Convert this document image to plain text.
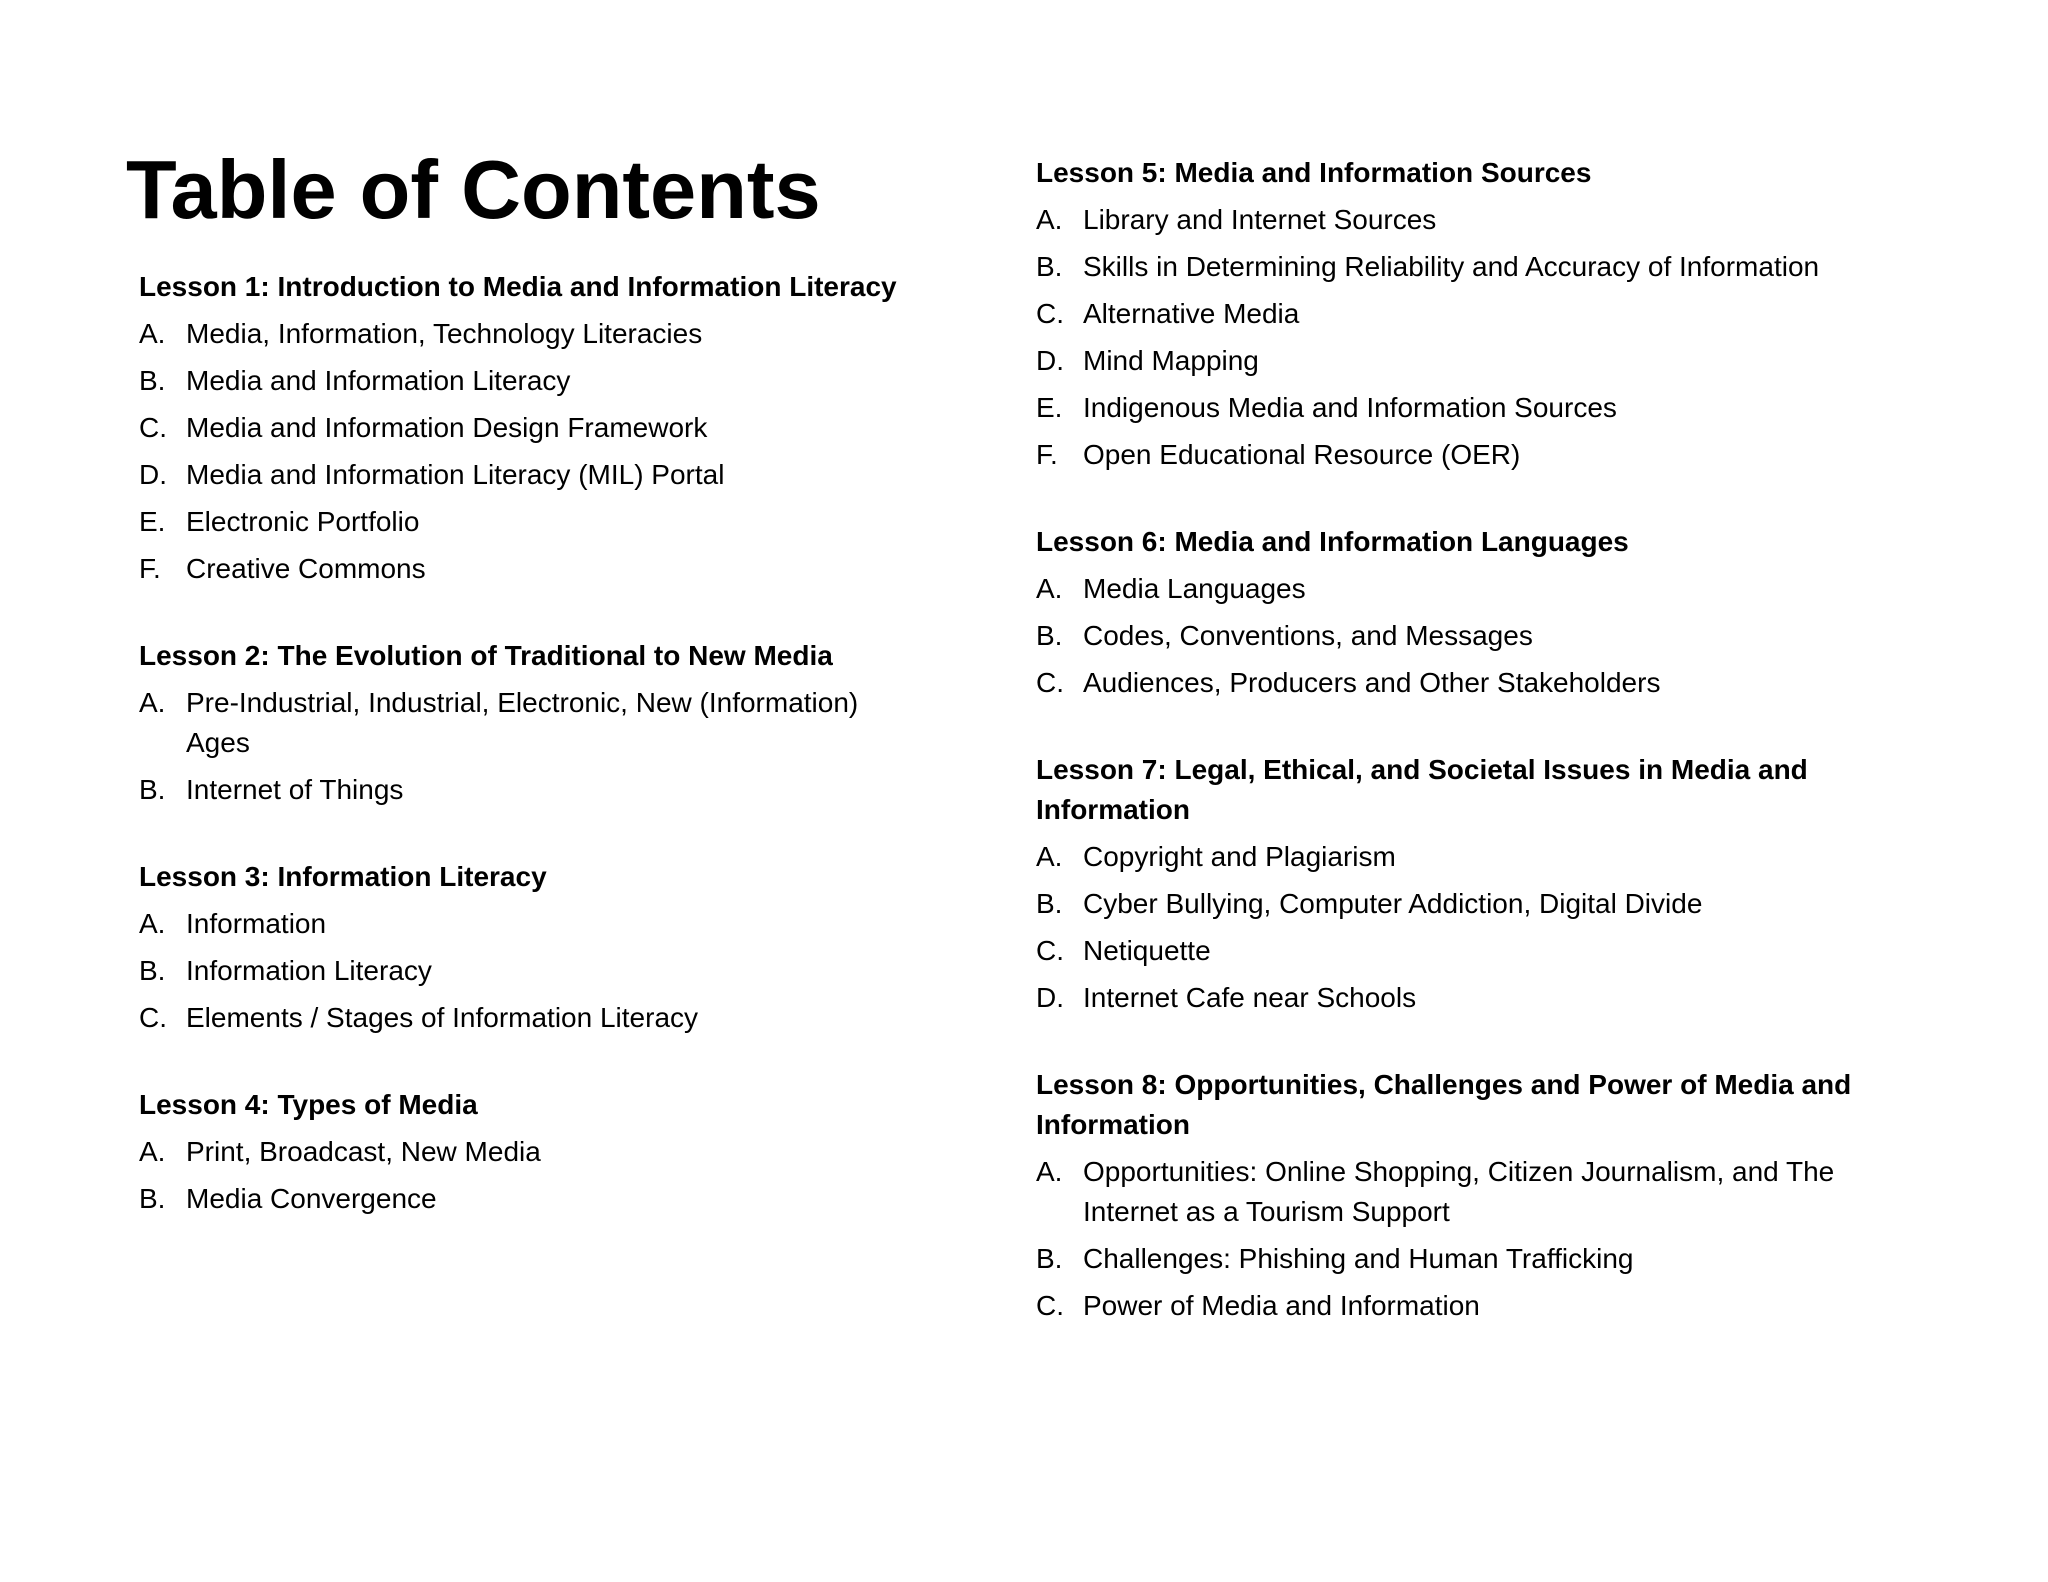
Table of Contents
Lesson 1: Introduction to Media and Information Literacy
A. Media, Information, Technology Literacies
B. Media and Information Literacy
C. Media and Information Design Framework
D. Media and Information Literacy (MIL) Portal
E. Electronic Portfolio
F. Creative Commons
Lesson 2: The Evolution of Traditional to New Media
A. Pre-Industrial, Industrial, Electronic, New (Information) Ages
B. Internet of Things
Lesson 3: Information Literacy
A. Information
B. Information Literacy
C. Elements / Stages of Information Literacy
Lesson 4: Types of Media
A. Print, Broadcast, New Media
B. Media Convergence
Lesson 5: Media and Information Sources
A. Library and Internet Sources
B. Skills in Determining Reliability and Accuracy of Information
C. Alternative Media
D. Mind Mapping
E. Indigenous Media and Information Sources
F. Open Educational Resource (OER)
Lesson 6: Media and Information Languages
A. Media Languages
B. Codes, Conventions, and Messages
C. Audiences, Producers and Other Stakeholders
Lesson 7: Legal, Ethical, and Societal Issues in Media and Information
A. Copyright and Plagiarism
B. Cyber Bullying, Computer Addiction, Digital Divide
C. Netiquette
D. Internet Cafe near Schools
Lesson 8: Opportunities, Challenges and Power of Media and Information
A. Opportunities: Online Shopping, Citizen Journalism, and The Internet as a Tourism Support
B. Challenges: Phishing and Human Trafficking
C. Power of Media and Information
